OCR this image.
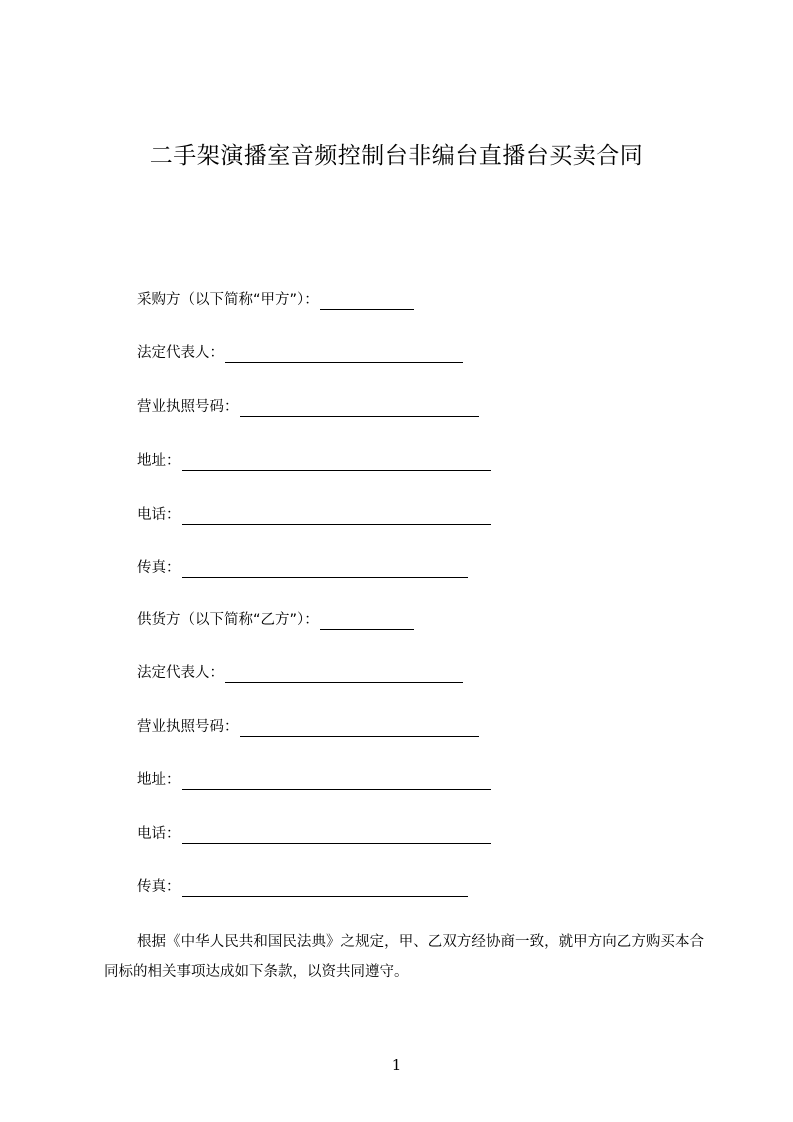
二手架演播室音频控制台非编台直播台买卖合同
采购方（以下简称“甲方”）：
法定代表人：
营业执照号码：
地址：
电话：
传真：
供货方（以下简称“乙方”）：
法定代表人：
营业执照号码：
地址：
电话：
传真：
根据《中华人民共和国民法典》之规定，甲、乙双方经协商一致，就甲方向乙方购买本合同标的相关事项达成如下条款，以资共同遵守。
1
